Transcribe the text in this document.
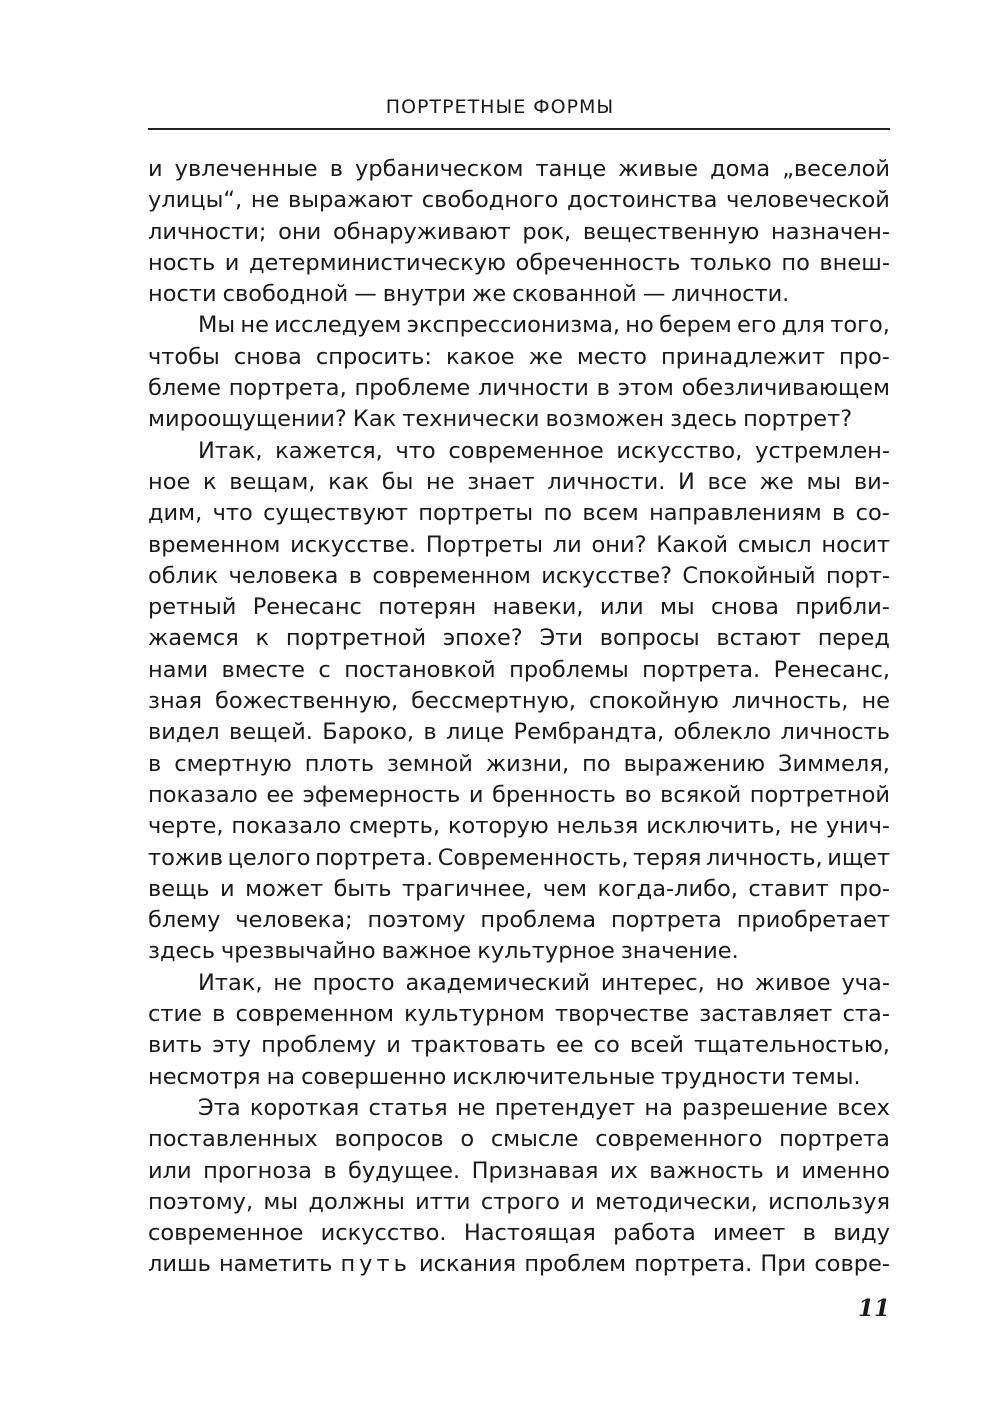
ПОРТРЕТНЫЕ ФОРМЫ
и увлеченные в урбаническом танце живые дома „веселой
улицы“, не выражают свободного достоинства человеческой
личности; они обнаруживают рок, вещественную назначен-
ность и детерминистическую обреченность только по внеш-
ности свободной — внутри же скованной — личности.
Мы не исследуем экспрессионизма, но берем его для того,
чтобы снова спросить: какое же место принадлежит про-
блеме портрета, проблеме личности в этом обезличивающем
мироощущении? Как технически возможен здесь портрет?
Итак, кажется, что современное искусство, устремлен-
ное к вещам, как бы не знает личности. И все же мы ви-
дим, что существуют портреты по всем направлениям в со-
временном искусстве. Портреты ли они? Какой смысл носит
облик человека в современном искусстве? Спокойный порт-
ретный Ренесанс потерян навеки, или мы снова прибли-
жаемся к портретной эпохе? Эти вопросы встают перед
нами вместе с постановкой проблемы портрета. Ренесанс,
зная божественную, бессмертную, спокойную личность, не
видел вещей. Бароко, в лице Рембрандта, облекло личность
в смертную плоть земной жизни, по выражению Зиммеля,
показало ее эфемерность и бренность во всякой портретной
черте, показало смерть, которую нельзя исключить, не унич-
тожив целого портрета. Современность, теряя личность, ищет
вещь и может быть трагичнее, чем когда-либо, ставит про-
блему человека; поэтому проблема портрета приобретает
здесь чрезвычайно важное культурное значение.
Итак, не просто академический интерес, но живое уча-
стие в современном культурном творчестве заставляет ста-
вить эту проблему и трактовать ее со всей тщательностью,
несмотря на совершенно исключительные трудности темы.
Эта короткая статья не претендует на разрешение всех
поставленных вопросов о смысле современного портрета
или прогноза в будущее. Признавая их важность и именно
поэтому, мы должны итти строго и методически, используя
современное искусство. Настоящая работа имеет в виду
лишь наметить путь искания проблем портрета. При совре-
11
